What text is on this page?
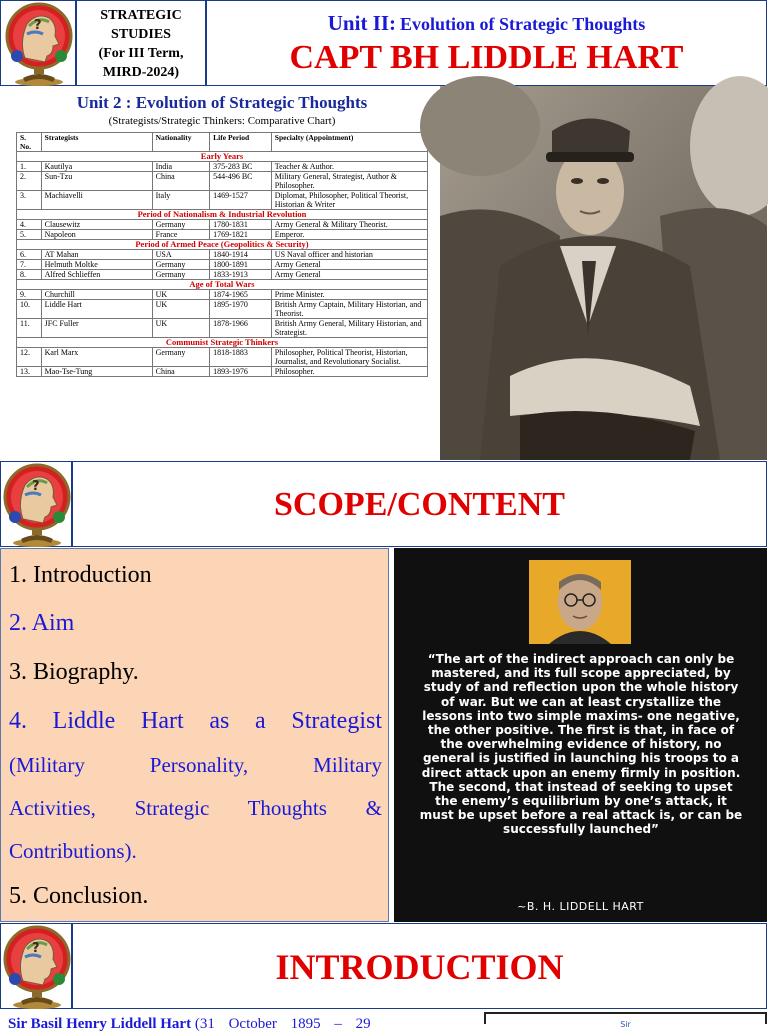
STRATEGIC
STUDIES
(For III Term,
MIRD-2024)
Unit II: Evolution of Strategic Thoughts
CAPT BH LIDDLE HART
Unit 2 : Evolution of Strategic Thoughts
(Strategists/Strategic Thinkers: Comparative Chart)
S. No.	Strategists	Nationality	Life Period	Specialty (Appointment)
Early Years				
1.	Kautilya	India	375-283 BC	Teacher & Author.
2.	Sun-Tzu	China	544-496 BC	Military General, Strategist, Author & Philosopher.
3.	Machiavelli	Italy	1469-1527	Diplomat, Philosopher, Political Theorist, Historian & Writer
Period of Nationalism & Industrial Revolution				
4.	Clausewitz	Germany	1780-1831	Army General & Military Theorist.
5.	Napoleon	France	1769-1821	Emperor.
Period of Armed Peace (Geopolitics & Security)				
6.	AT Mahan	USA	1840-1914	US Naval officer and historian
7.	Helmuth Moltke	Germany	1800-1891	Army General
8.	Alfred Schlieffen	Germany	1833-1913	Army General
Age of Total Wars				
9.	Churchill	UK	1874-1965	Prime Minister.
10.	Liddle Hart	UK	1895-1970	British Army Captain, Military Historian, and Theorist.
11.	JFC Fuller	UK	1878-1966	British Army General, Military Historian, and Strategist.
Communist Strategic Thinkers				
12.	Karl Marx	Germany	1818-1883	Philosopher, Political Theorist, Historian, Journalist, and Revolutionary Socialist.
13.	Mao-Tse-Tung	China	1893-1976	Philosopher.
SCOPE/CONTENT
1. Introduction
2. Aim
3. Biography.
4. Liddle Hart as a Strategist
(Military Personality, Military
Activities, Strategic Thoughts &
Contributions).
5. Conclusion.
“The art of the indirect approach can only be mastered, and its full scope appreciated, by study of and reflection upon the whole history of war. But we can at least crystallize the lessons into two simple maxims- one negative, the other positive. The first is that, in face of the overwhelming evidence of history, no general is justified in launching his troops to a direct attack upon an enemy firmly in position. The second, that instead of seeking to upset the enemy’s equilibrium by one’s attack, it must be upset before a real attack is, or can be successfully launched”
~B. H. LIDDELL HART
INTRODUCTION
Sir Basil Henry Liddell Hart (31 October 1895 – 29	Sir
